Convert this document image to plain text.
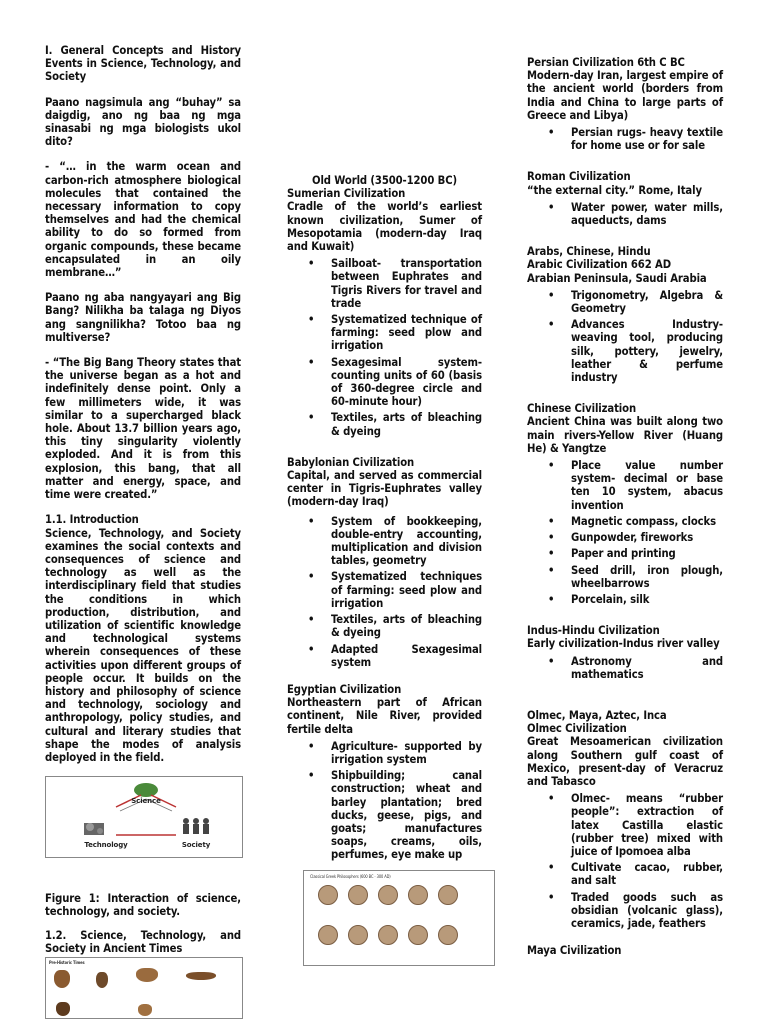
I. General Concepts and History Events in Science, Technology, and Society

Paano nagsimula ang “buhay” sa daigdig, ano ng baa ng mga sinasabi ng mga biologists ukol dito?

- “… in the warm ocean and carbon-rich atmosphere biological molecules that contained the necessary information to copy themselves and had the chemical ability to do so formed from organic compounds, these became encapsulated in an oily membrane…”

Paano ng aba nangyayari ang Big Bang? Nilikha ba talaga ng Diyos ang sangnilikha? Totoo baa ng multiverse?

- “The Big Bang Theory states that the universe began as a hot and indefinitely dense point. Only a few millimeters wide, it was similar to a supercharged black hole. About 13.7 billion years ago, this tiny singularity violently exploded. And it is from this explosion, this bang, that all matter and energy, space, and time were created.”

1.1. Introduction

Science, Technology, and Society examines the social contexts and consequences of science and technology as well as the interdisciplinary field that studies the conditions in which production, distribution, and utilization of scientific knowledge and technological systems wherein consequences of these activities upon different groups of people occur. It builds on the history and philosophy of science and technology, sociology and anthropology, policy studies, and cultural and literary studies that shape the modes of analysis deployed in the field.

Science
Technology	Society

Figure 1: Interaction of science, technology, and society.

1.2. Science, Technology, and Society in Ancient Times

Pre-Historic Times
Old World (3500-1200 BC)
Sumerian Civilization

Cradle of the world’s earliest known civilization, Sumer of Mesopotamia (modern-day Iraq and Kuwait)

• Sailboat- transportation between Euphrates and Tigris Rivers for travel and trade
• Systematized technique of farming: seed plow and irrigation
• Sexagesimal system-counting units of 60 (basis of 360-degree circle and 60-minute hour)
• Textiles, arts of bleaching & dyeing
Babylonian Civilization

Capital, and served as commercial center in Tigris-Euphrates valley (modern-day Iraq)

• System of bookkeeping, double-entry accounting, multiplication and division tables, geometry
• Systematized techniques of farming: seed plow and irrigation
• Textiles, arts of bleaching & dyeing
• Adapted Sexagesimal system
Egyptian Civilization

Northeastern part of African continent, Nile River, provided fertile delta

• Agriculture- supported by irrigation system
• Shipbuilding; canal construction; wheat and barley plantation; bred ducks, geese, pigs, and goats; manufactures soaps, creams, oils, perfumes, eye make up
Classical Greek Philosophers (600 BC - 300 AD)
Persian Civilization 6th C BC

Modern-day Iran, largest empire of the ancient world (borders from India and China to large parts of Greece and Libya)

• Persian rugs- heavy textile for home use or for sale
Roman Civilization
“the external city.” Rome, Italy
• Water power, water mills, aqueducts, dams
Arabs, Chinese, Hindu
Arabic Civilization 662 AD
Arabian Peninsula, Saudi Arabia
• Trigonometry, Algebra & Geometry
• Advances Industry- weaving tool, producing silk, pottery, jewelry, leather & perfume industry
Chinese Civilization

Ancient China was built along two main rivers-Yellow River (Huang He) & Yangtze

• Place value number system- decimal or base ten 10 system, abacus invention
• Magnetic compass, clocks
• Gunpowder, fireworks
• Paper and printing
• Seed drill, iron plough, wheelbarrows
• Porcelain, silk
Indus-Hindu Civilization

Early civilization-Indus river valley

• Astronomy and mathematics
Olmec, Maya, Aztec, Inca
Olmec Civilization

Great Mesoamerican civilization along Southern gulf coast of Mexico, present-day of Veracruz and Tabasco

• Olmec- means “rubber people”: extraction of latex Castilla elastic (rubber tree) mixed with juice of Ipomoea alba
• Cultivate cacao, rubber, and salt
• Traded goods such as obsidian (volcanic glass), ceramics, jade, feathers
Maya Civilization
